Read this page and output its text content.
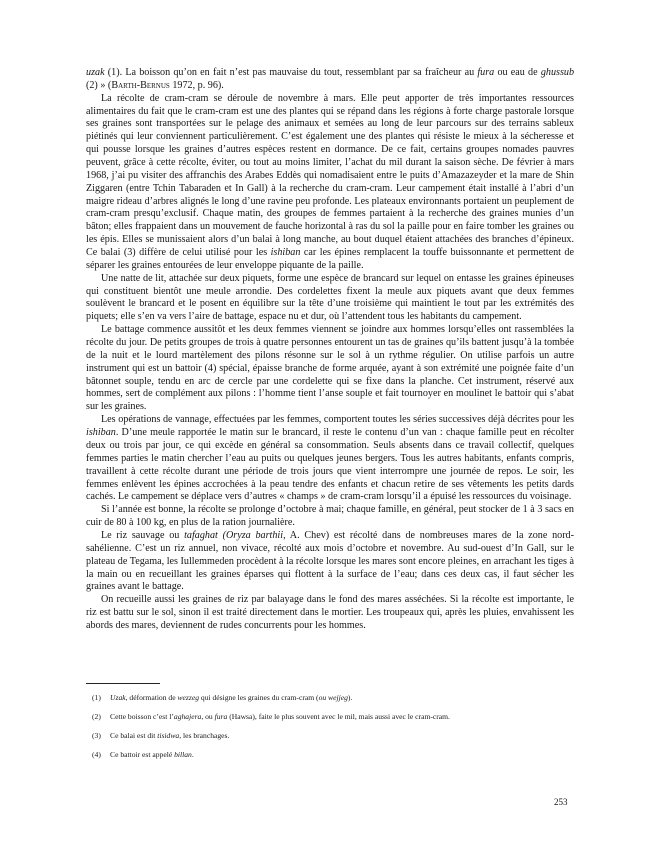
uzak (1). La boisson qu’on en fait n’est pas mauvaise du tout, ressemblant par sa fraîcheur au fura ou eau de ghussub (2) » (Barth-Bernus 1972, p. 96).

La récolte de cram-cram se déroule de novembre à mars. Elle peut apporter de très importantes ressources alimentaires du fait que le cram-cram est une des plantes qui se répand dans les régions à forte charge pastorale lorsque ses graines sont transportées sur le pelage des animaux et semées au long de leur parcours sur des terrains sableux piétinés qui leur conviennent particulièrement. C’est également une des plantes qui résiste le mieux à la sécheresse et qui pousse lorsque les graines d’autres espèces restent en dormance. De ce fait, certains groupes nomades pauvres peuvent, grâce à cette récolte, éviter, ou tout au moins limiter, l’achat du mil durant la saison sèche. De février à mars 1968, j’ai pu visiter des affranchis des Arabes Eddès qui nomadisaient entre le puits d’Amazazeyder et la mare de Shin Ziggaren (entre Tchin Tabaraden et In Gall) à la recherche du cram-cram. Leur campement était installé à l’abri d’un maigre rideau d’arbres alignés le long d’une ravine peu profonde. Les plateaux environnants portaient un peuplement de cram-cram presqu’exclusif. Chaque matin, des groupes de femmes partaient à la recherche des graines munies d’un bâton; elles frappaient dans un mouvement de fauche horizontal à ras du sol la paille pour en faire tomber les graines ou les épis. Elles se munissaient alors d’un balai à long manche, au bout duquel étaient attachées des branches d’épineux. Ce balai (3) diffère de celui utilisé pour les ishiban car les épines remplacent la touffe buissonnante et permettent de séparer les graines entourées de leur enveloppe piquante de la paille.

Une natte de lit, attachée sur deux piquets, forme une espèce de brancard sur lequel on entasse les graines épineuses qui constituent bientôt une meule arrondie. Des cordelettes fixent la meule aux piquets avant que deux femmes soulèvent le brancard et le posent en équilibre sur la tête d’une troisième qui maintient le tout par les extrémités des piquets; elle s’en va vers l’aire de battage, espace nu et dur, où l’attendent tous les habitants du campement.

Le battage commence aussitôt et les deux femmes viennent se joindre aux hommes lorsqu’elles ont rassemblées la récolte du jour. De petits groupes de trois à quatre personnes entourent un tas de graines qu’ils battent jusqu’à la tombée de la nuit et le lourd martèlement des pilons résonne sur le sol à un rythme régulier. On utilise parfois un autre instrument qui est un battoir (4) spécial, épaisse branche de forme arquée, ayant à son extrémité une poignée faite d’un bâtonnet souple, tendu en arc de cercle par une cordelette qui se fixe dans la planche. Cet instrument, réservé aux hommes, sert de complément aux pilons : l’homme tient l’anse souple et fait tournoyer en moulinet le battoir qui s’abat sur les graines.

Les opérations de vannage, effectuées par les femmes, comportent toutes les séries successives déjà décrites pour les ishiban. D’une meule rapportée le matin sur le brancard, il reste le contenu d’un van : chaque famille peut en récolter deux ou trois par jour, ce qui excède en général sa consommation. Seuls absents dans ce travail collectif, quelques femmes parties le matin chercher l’eau au puits ou quelques jeunes bergers. Tous les autres habitants, enfants compris, travaillent à cette récolte durant une période de trois jours que vient interrompre une journée de repos. Le soir, les femmes enlèvent les épines accrochées à la peau tendre des enfants et chacun retire de ses vêtements les petits dards cachés. Le campement se déplace vers d’autres « champs » de cram-cram lorsqu’il a épuisé les ressources du voisinage.

Si l’année est bonne, la récolte se prolonge d’octobre à mai; chaque famille, en général, peut stocker de 1 à 3 sacs en cuir de 80 à 100 kg, en plus de la ration journalière.

Le riz sauvage ou tafaghat (Oryza barthii, A. Chev) est récolté dans de nombreuses mares de la zone nord-sahélienne. C’est un riz annuel, non vivace, récolté aux mois d’octobre et novembre. Au sud-ouest d’In Gall, sur le plateau de Tegama, les Iullemmeden procèdent à la récolte lorsque les mares sont encore pleines, en arrachant les tiges à la main ou en recueillant les graines éparses qui flottent à la surface de l’eau; dans ces deux cas, il faut sécher les graines avant le battage.

On recueille aussi les graines de riz par balayage dans le fond des mares asséchées. Si la récolte est importante, le riz est battu sur le sol, sinon il est traité directement dans le mortier. Les troupeaux qui, après les pluies, envahissent les abords des mares, deviennent de rudes concurrents pour les hommes.

(1) Uzak, déformation de wezzeg qui désigne les graines du cram-cram (ou wejjeg).

(2) Cette boisson c’est l’aghajera, ou fura (Hawsa), faite le plus souvent avec le mil, mais aussi avec le cram-cram.

(3) Ce balai est dit tisidwa, les branchages.

(4) Ce battoir est appelé billan.

253
